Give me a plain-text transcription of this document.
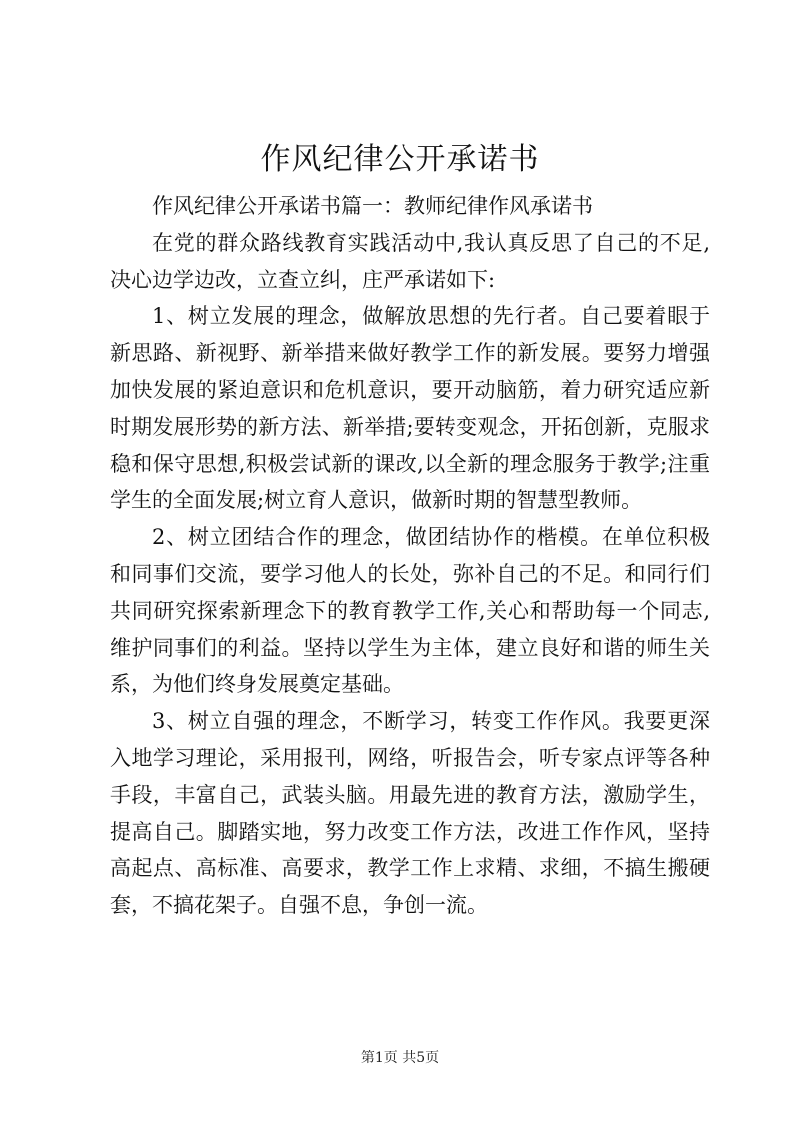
作风纪律公开承诺书

作风纪律公开承诺书篇一：教师纪律作风承诺书

在党的群众路线教育实践活动中,我认真反思了自己的不足,决心边学边改，立查立纠，庄严承诺如下:

1、树立发展的理念，做解放思想的先行者。自己要着眼于新思路、新视野、新举措来做好教学工作的新发展。要努力增强加快发展的紧迫意识和危机意识，要开动脑筋，着力研究适应新时期发展形势的新方法、新举措;要转变观念，开拓创新，克服求稳和保守思想,积极尝试新的课改,以全新的理念服务于教学;注重学生的全面发展;树立育人意识，做新时期的智慧型教师。

2、树立团结合作的理念，做团结协作的楷模。在单位积极和同事们交流，要学习他人的长处，弥补自己的不足。和同行们共同研究探索新理念下的教育教学工作,关心和帮助每一个同志,维护同事们的利益。坚持以学生为主体，建立良好和谐的师生关系，为他们终身发展奠定基础。

3、树立自强的理念，不断学习，转变工作作风。我要更深入地学习理论，采用报刊，网络，听报告会，听专家点评等各种手段，丰富自己，武装头脑。用最先进的教育方法，激励学生，提高自己。脚踏实地，努力改变工作方法，改进工作作风，坚持高起点、高标准、高要求，教学工作上求精、求细，不搞生搬硬套，不搞花架子。自强不息，争创一流。

第1页 共5页
